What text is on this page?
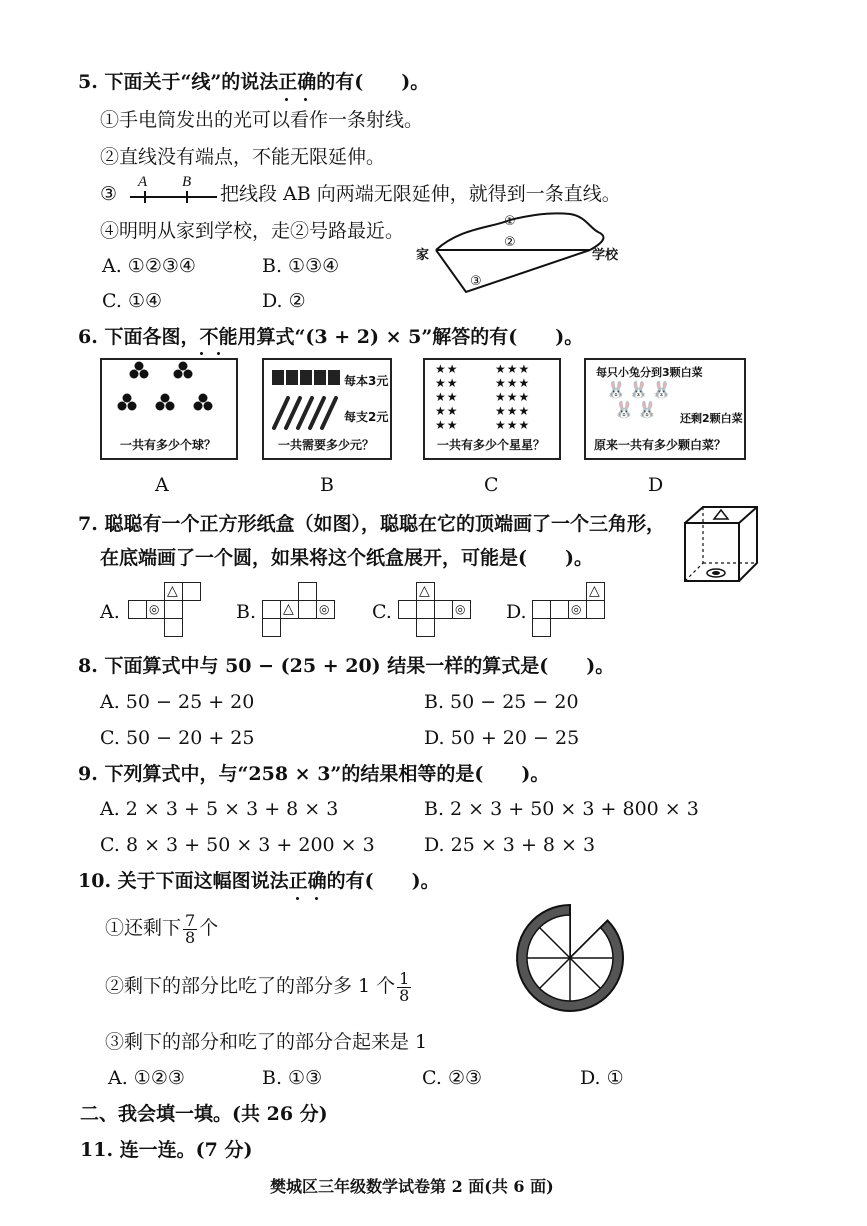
5. 下面关于“线”的说法正确的有(　　)。
①手电筒发出的光可以看作一条射线。
②直线没有端点，不能无限延伸。
③
A B
把线段 AB 向两端无限延伸，就得到一条直线。
④明明从家到学校，走②号路最近。
A. ①②③④	B. ①③④
C. ①④	D. ②
家	学校
①
②
③
6. 下面各图，不能用算式“(3 + 2) × 5”解答的有(　　)。
一共有多少个球？
A
每本3元
每支2元
一共需要多少元？
B
★★
★★
★★
★★
★★
★★★
★★★
★★★
★★★
★★★
一共有多少个星星？
C
每只小兔分到3颗白菜
🐰🐰🐰
🐰🐰	还剩2颗白菜
原来一共有多少颗白菜？
D
7. 聪聪有一个正方形纸盒（如图），聪聪在它的顶端画了一个三角形，
在底端画了一个圆，如果将这个纸盒展开，可能是(　　)。
A.
△
◎	B. △ ◎ C.
△
◎ D.
△
◎
8. 下面算式中与 50 − (25 + 20) 结果一样的算式是(　　)。
A. 50 − 25 + 20	B. 50 − 25 − 20
C. 50 − 20 + 25	D. 50 + 20 − 25
9. 下列算式中，与“258 × 3”的结果相等的是(　　)。
A. 2 × 3 + 5 × 3 + 8 × 3	B. 2 × 3 + 50 × 3 + 800 × 3
C. 8 × 3 + 50 × 3 + 200 × 3	D. 25 × 3 + 8 × 3
10. 关于下面这幅图说法正确的有(　　)。
①还剩下 $\frac{7}{8}$ 个
②剩下的部分比吃了的部分多 1 个 $\frac{1}{8}$
③剩下的部分和吃了的部分合起来是 1
A. ①②③	B. ①③	C. ②③	D. ①
二、我会填一填。(共 26 分)
11. 连一连。(7 分)
樊城区三年级数学试卷第 2 面(共 6 面)
